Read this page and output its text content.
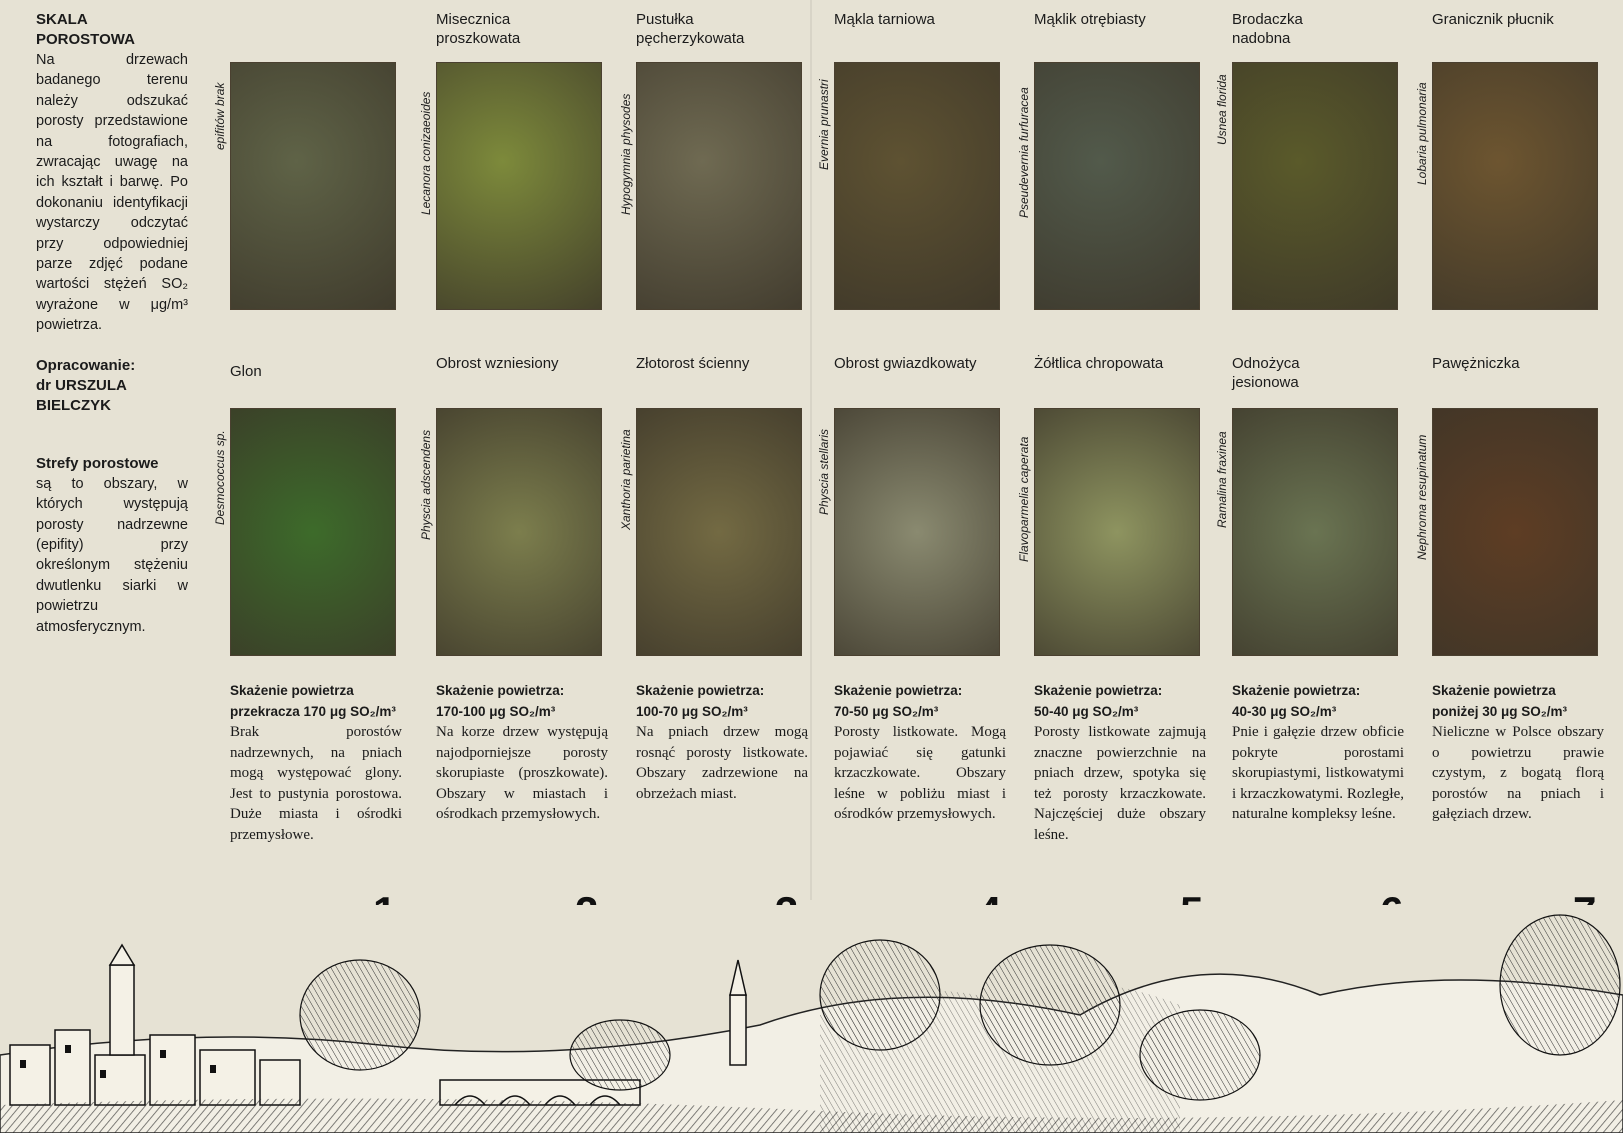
SKALA POROSTOWA

Na drzewach badanego terenu należy odszukać porosty przedstawione na fotografiach, zwracając uwagę na ich kształt i barwę. Po dokonaniu identyfikacji wystarczy odczytać przy odpowiedniej parze zdjęć podane wartości stężeń SO₂ wyrażone w μg/m³ powietrza.

Opracowanie:
dr URSZULA BIELCZYK
Strefy porostowe

są to obszary, w których występują porosty nadrzewne (epifity) przy określonym stężeniu dwutlenku siarki w powietrzu atmosferycznym.

Glon
epifitów brak
Desmococcus sp.
Skażenie powietrza
przekracza 170 μg SO₂/m³
Brak porostów nadrzewnych, na pniach mogą występować glony. Jest to pustynia porostowa. Duże miasta i ośrodki przemysłowe.
Misecznica proszkowata
Obrost wzniesiony
Lecanora conizaeoides
Physcia adscendens
Skażenie powietrza:
170-100 μg SO₂/m³
Na korze drzew występują najodporniejsze porosty skorupiaste (proszkowate). Obszary w miastach i ośrodkach przemysłowych.
Pustułka pęcherzykowata
Złotorost ścienny
Hypogymnia physodes
Xanthoria parietina
Skażenie powietrza:
100-70 μg SO₂/m³
Na pniach drzew mogą rosnąć porosty listkowate. Obszary zadrzewione na obrzeżach miast.
Mąkla tarniowa
Obrost gwiazdkowaty
Evernia prunastri
Physcia stellaris
Skażenie powietrza:
70-50 μg SO₂/m³
Porosty listkowate. Mogą pojawiać się gatunki krzaczkowate. Obszary leśne w pobliżu miast i ośrodków przemysłowych.
Mąklik otrębiasty
Żółtlica chropowata
Pseudevernia furfuracea
Flavoparmelia caperata
Skażenie powietrza:
50-40 μg SO₂/m³
Porosty listkowate zajmują znaczne powierzchnie na pniach drzew, spotyka się też porosty krzaczkowate. Najczęściej duże obszary leśne.
Brodaczka nadobna
Odnożyca jesionowa
Usnea florida
Ramalina fraxinea
Skażenie powietrza:
40-30 μg SO₂/m³
Pnie i gałęzie drzew obficie pokryte porostami skorupiastymi, listkowatymi i krzaczkowatymi. Rozległe, naturalne kompleksy leśne.
Granicznik płucnik
Pawężniczka
Lobaria pulmonaria
Nephroma resupinatum
Skażenie powietrza
poniżej 30 μg SO₂/m³
Nieliczne w Polsce obszary o powietrzu prawie czystym, z bogatą florą porostów na pniach i gałęziach drzew.
